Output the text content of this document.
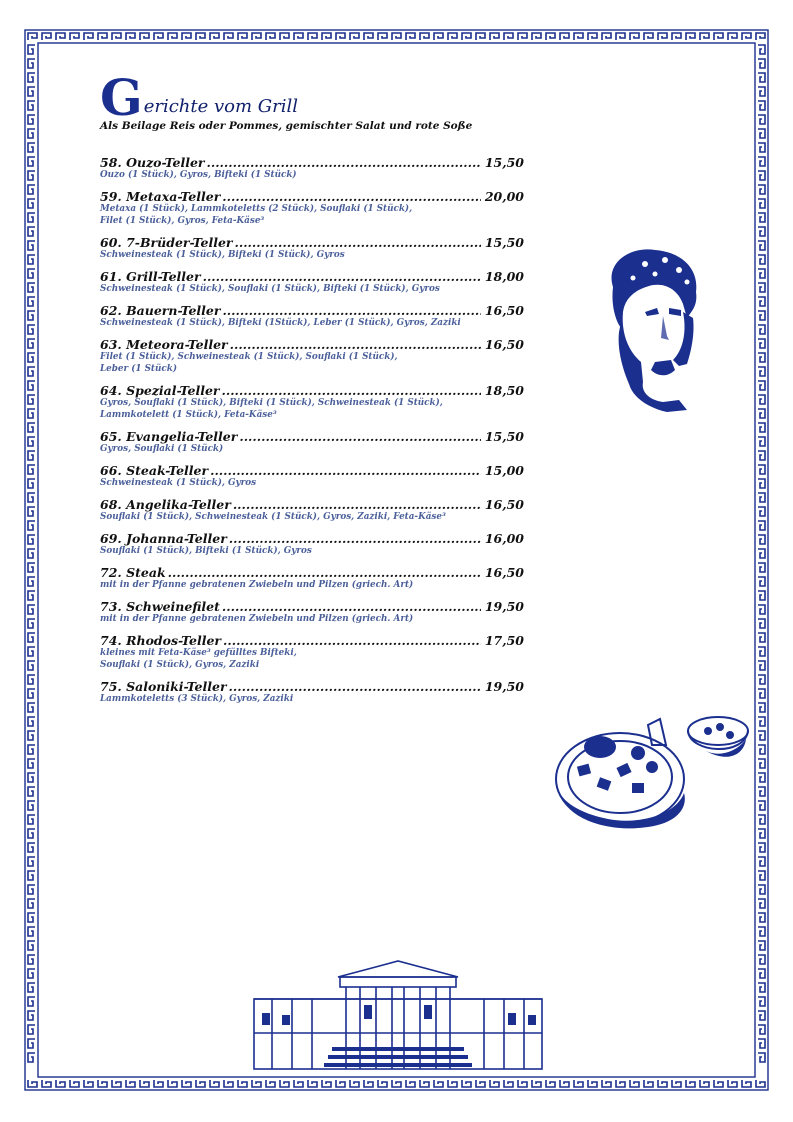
G erichte vom Grill
Als Beilage Reis oder Pommes, gemischter Salat und rote Soße
58. Ouzo-Teller .....	15,50
Ouzo (1 Stück), Gyros, Bifteki (1 Stück)
59. Metaxa-Teller .....	20,00
Metaxa (1 Stück), Lammkoteletts (2 Stück), Souflaki (1 Stück),
Filet (1 Stück), Gyros, Feta-Käse³
60. 7-Brüder-Teller .....	15,50
Schweinesteak (1 Stück), Bifteki (1 Stück), Gyros
61. Grill-Teller .....	18,00
Schweinesteak (1 Stück), Souflaki (1 Stück), Bifteki (1 Stück), Gyros
62. Bauern-Teller .....	16,50
Schweinesteak (1 Stück), Bifteki (1Stück), Leber (1 Stück), Gyros, Zaziki
63. Meteora-Teller .....	16,50
Filet (1 Stück), Schweinesteak (1 Stück), Souflaki (1 Stück),
Leber (1 Stück)
64. Spezial-Teller .....	18,50
Gyros, Souflaki (1 Stück), Bifteki (1 Stück), Schweinesteak (1 Stück),
Lammkotelett (1 Stück), Feta-Käse³
65. Evangelia-Teller .....	15,50
Gyros, Souflaki (1 Stück)
66. Steak-Teller .....	15,00
Schweinesteak (1 Stück), Gyros
68. Angelika-Teller .....	16,50
Souflaki (1 Stück), Schweinesteak (1 Stück), Gyros, Zaziki, Feta-Käse³
69. Johanna-Teller .....	16,00
Souflaki (1 Stück), Bifteki (1 Stück), Gyros
72. Steak .....	16,50
mit in der Pfanne gebratenen Zwiebeln und Pilzen (griech. Art)
73. Schweinefilet .....	19,50
mit in der Pfanne gebratenen Zwiebeln und Pilzen (griech. Art)
74. Rhodos-Teller .....	17,50
kleines mit Feta-Käse³ gefülltes Bifteki,
Souflaki (1 Stück), Gyros, Zaziki
75. Saloniki-Teller .....	19,50
Lammkoteletts (3 Stück), Gyros, Zaziki
